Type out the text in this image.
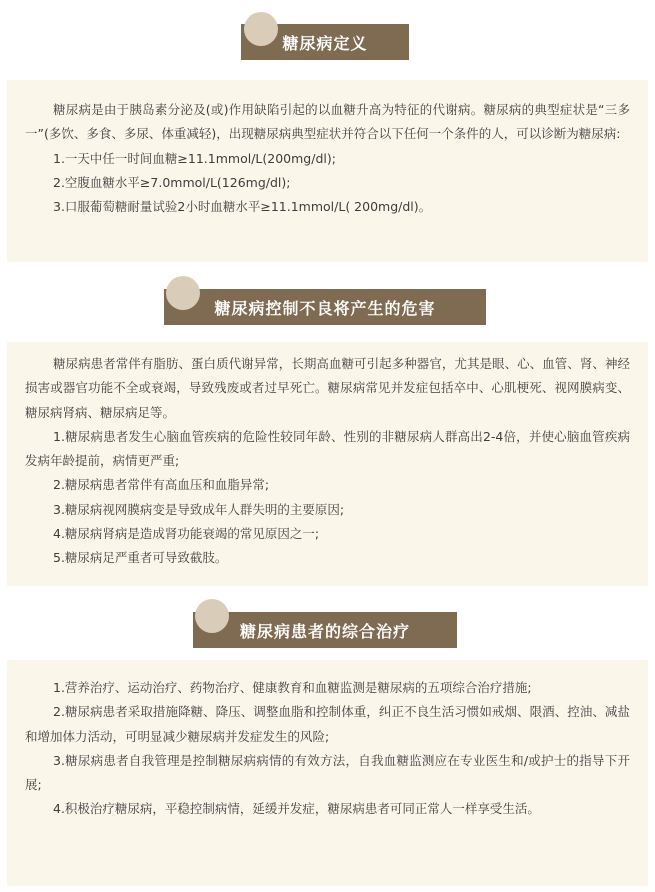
糖尿病定义

糖尿病是由于胰岛素分泌及(或)作用缺陷引起的以血糖升高为特征的代谢病。糖尿病的典型症状是“三多一”(多饮、多食、多尿、体重减轻)，出现糖尿病典型症状并符合以下任何一个条件的人，可以诊断为糖尿病:

1.一天中任一时间血糖≥11.1mmol/L(200mg/dl);

2.空腹血糖水平≥7.0mmol/L(126mg/dl);

3.口服葡萄糖耐量试验2小时血糖水平≥11.1mmol/L( 200mg/dl)。

糖尿病控制不良将产生的危害

糖尿病患者常伴有脂肪、蛋白质代谢异常，长期高血糖可引起多种器官，尤其是眼、心、血管、肾、神经损害或器官功能不全或衰竭，导致残废或者过早死亡。糖尿病常见并发症包括卒中、心肌梗死、视网膜病变、糖尿病肾病、糖尿病足等。

1.糖尿病患者发生心脑血管疾病的危险性较同年龄、性别的非糖尿病人群高出2-4倍，并使心脑血管疾病发病年龄提前，病情更严重;

2.糖尿病患者常伴有高血压和血脂异常;

3.糖尿病视网膜病变是导致成年人群失明的主要原因;

4.糖尿病肾病是造成肾功能衰竭的常见原因之一;

5.糖尿病足严重者可导致截肢。

糖尿病患者的综合治疗

1.营养治疗、运动治疗、药物治疗、健康教育和血糖监测是糖尿病的五项综合治疗措施;

2.糖尿病患者采取措施降糖、降压、调整血脂和控制体重，纠正不良生活习惯如戒烟、限酒、控油、减盐和增加体力活动，可明显减少糖尿病并发症发生的风险;

3.糖尿病患者自我管理是控制糖尿病病情的有效方法，自我血糖监测应在专业医生和/或护士的指导下开展;

4.积极治疗糖尿病，平稳控制病情，延缓并发症，糖尿病患者可同正常人一样享受生活。
